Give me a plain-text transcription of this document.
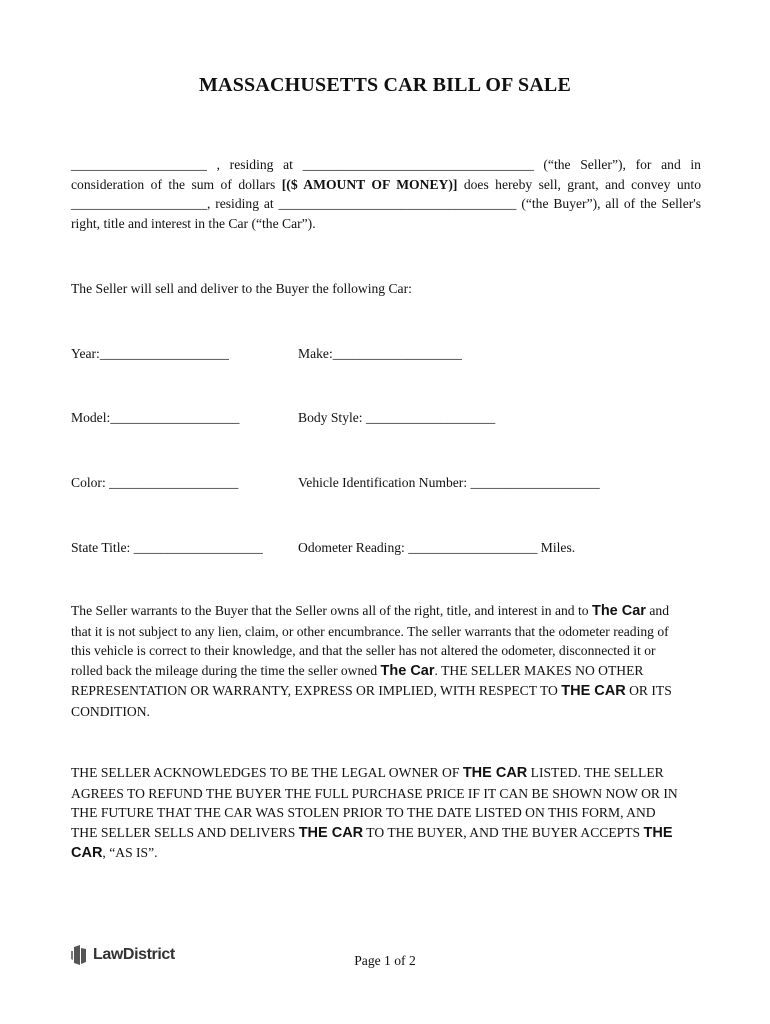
MASSACHUSETTS CAR BILL OF SALE
____________________ , residing at __________________________________ (“the Seller”), for and in consideration of the sum of dollars [($ AMOUNT OF MONEY)] does hereby sell, grant, and convey unto ____________________, residing at ___________________________________ (“the Buyer”), all of the Seller's right, title and interest in the Car (“the Car”).
The Seller will sell and deliver to the Buyer the following Car:
Year:___________________	Make:___________________
Model:___________________	Body Style: ___________________
Color: ___________________	Vehicle Identification Number: ___________________
State Title: ___________________	Odometer Reading: ___________________ Miles.
The Seller warrants to the Buyer that the Seller owns all of the right, title, and interest in and to The Car and that it is not subject to any lien, claim, or other encumbrance. The seller warrants that the odometer reading of this vehicle is correct to their knowledge, and that the seller has not altered the odometer, disconnected it or rolled back the mileage during the time the seller owned The Car. THE SELLER MAKES NO OTHER REPRESENTATION OR WARRANTY, EXPRESS OR IMPLIED, WITH RESPECT TO THE CAR OR ITS CONDITION.
THE SELLER ACKNOWLEDGES TO BE THE LEGAL OWNER OF THE CAR LISTED. THE SELLER AGREES TO REFUND THE BUYER THE FULL PURCHASE PRICE IF IT CAN BE SHOWN NOW OR IN THE FUTURE THAT THE CAR WAS STOLEN PRIOR TO THE DATE LISTED ON THIS FORM, AND THE SELLER SELLS AND DELIVERS THE CAR TO THE BUYER, AND THE BUYER ACCEPTS THE CAR, “AS IS”.
LawDistrict	Page 1 of 2
